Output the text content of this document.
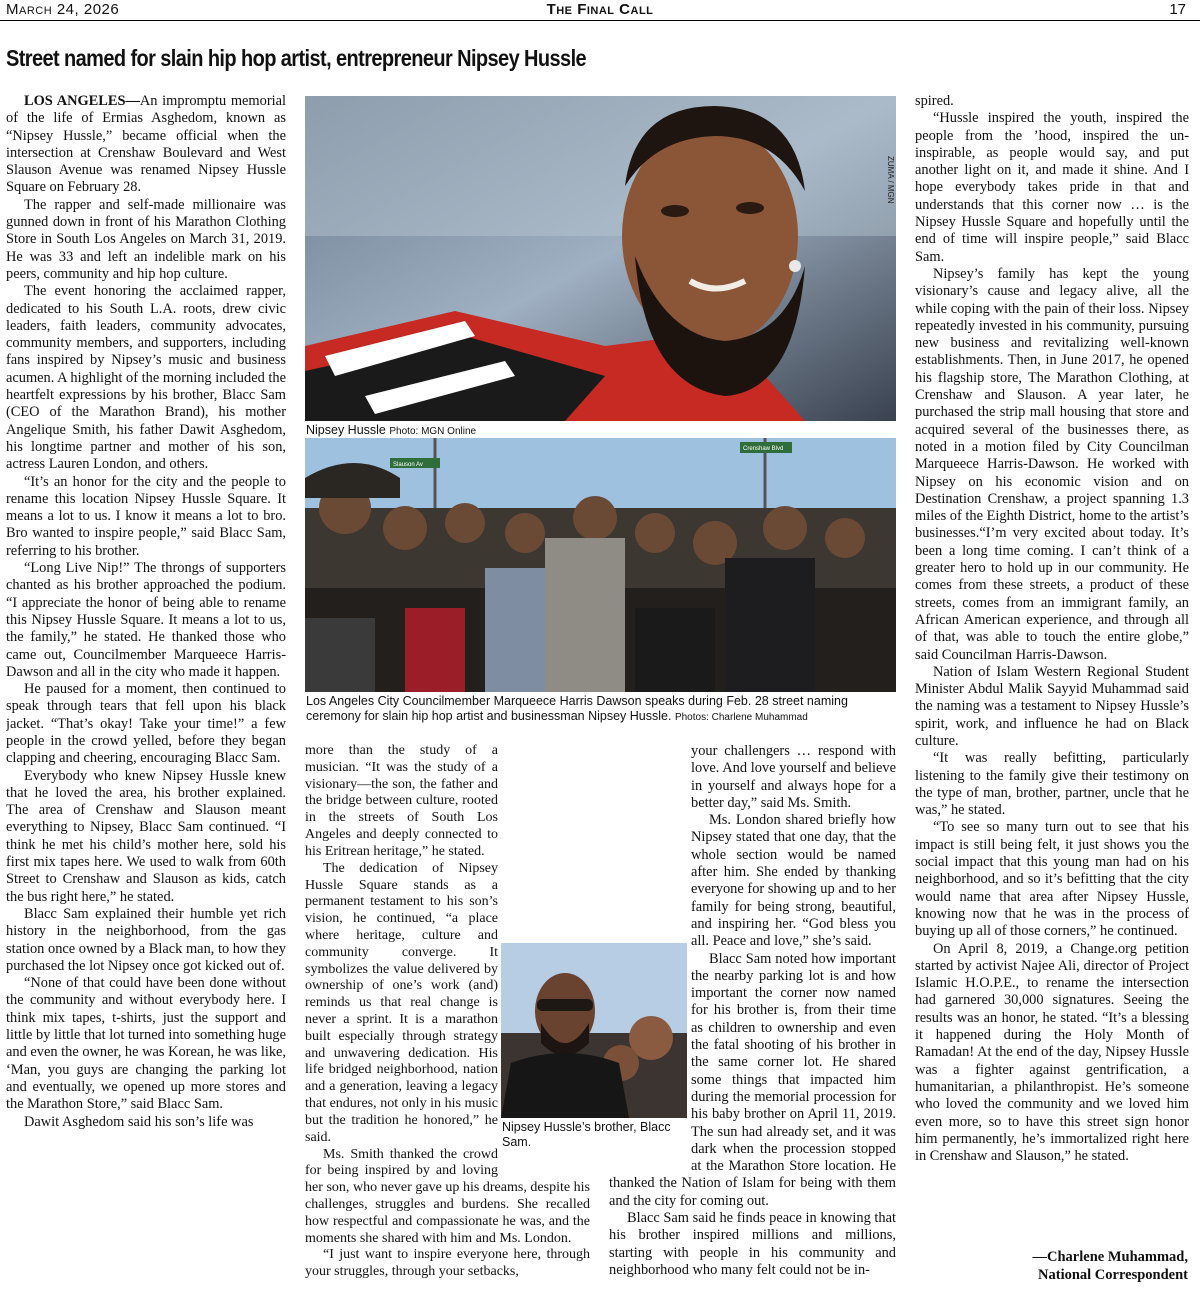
March 24, 2026	The Final Call	17
Street named for slain hip hop artist, entrepreneur Nipsey Hussle

LOS ANGELES—An impromptu memorial of the life of Ermias Asghedom, known as “Nipsey Hussle,” became official when the intersection at Crenshaw Boulevard and West Slauson Avenue was renamed Nipsey Hussle Square on February 28.

The rapper and self-made millionaire was gunned down in front of his Marathon Clothing Store in South Los Angeles on March 31, 2019. He was 33 and left an indelible mark on his peers, community and hip hop culture.

The event honoring the acclaimed rapper, dedicated to his South L.A. roots, drew civic leaders, faith leaders, community advocates, community members, and supporters, including fans inspired by Nipsey’s music and business acumen. A highlight of the morning included the heartfelt expressions by his brother, Blacc Sam (CEO of the Marathon Brand), his mother Angelique Smith, his father Dawit Asghedom, his longtime partner and mother of his son, actress Lauren London, and others.

“It’s an honor for the city and the people to rename this location Nipsey Hussle Square. It means a lot to us. I know it means a lot to bro. Bro wanted to inspire people,” said Blacc Sam, referring to his brother.

“Long Live Nip!” The throngs of supporters chanted as his brother approached the podium. “I appreciate the honor of being able to rename this Nipsey Hussle Square. It means a lot to us, the family,” he stated. He thanked those who came out, Councilmember Marqueece Harris-Dawson and all in the city who made it happen.

He paused for a moment, then continued to speak through tears that fell upon his black jacket. “That’s okay! Take your time!” a few people in the crowd yelled, before they began clapping and cheering, encouraging Blacc Sam.

Everybody who knew Nipsey Hussle knew that he loved the area, his brother explained. The area of Crenshaw and Slauson meant everything to Nipsey, Blacc Sam continued. “I think he met his child’s mother here, sold his first mix tapes here. We used to walk from 60th Street to Crenshaw and Slauson as kids, catch the bus right here,” he stated.

Blacc Sam explained their humble yet rich history in the neighborhood, from the gas station once owned by a Black man, to how they purchased the lot Nipsey once got kicked out of.

“None of that could have been done without the community and without everybody here. I think mix tapes, t-shirts, just the support and little by little that lot turned into something huge and even the owner, he was Korean, he was like, ‘Man, you guys are changing the parking lot and eventually, we opened up more stores and the Marathon Store,” said Blacc Sam.

Dawit Asghedom said his son’s life was

ZUMA / MGN
Nipsey Hussle Photo: MGN Online
Slauson Av
Crenshaw Blvd
Los Angeles City Councilmember Marqueece Harris Dawson speaks during Feb. 28 street naming ceremony for slain hip hop artist and businessman Nipsey Hussle. Photos: Charlene Muhammad

more than the study of a musician. “It was the study of a visionary—the son, the father and the bridge between culture, rooted in the streets of South Los Angeles and deeply connected to his Eritrean heritage,” he stated.

The dedication of Nipsey Hussle Square stands as a permanent testament to his son’s vision, he continued, “a place where heritage, culture and community converge. It symbolizes the value delivered by ownership of one’s work (and) reminds us that real change is never a sprint. It is a marathon built especially through strategy and unwavering dedication. His life bridged neighborhood, nation and a generation, leaving a legacy that endures, not only in his music but the tradition he honored,” he said.

Ms. Smith thanked the crowd for being inspired by and loving her son, who never gave up his dreams, despite his challenges, struggles and burdens. She recalled how respectful and compassionate he was, and the moments she shared with him and Ms. London.

“I just want to inspire everyone here, through your struggles, through your setbacks,

your challengers … respond with love. And love yourself and believe in yourself and always hope for a better day,” said Ms. Smith.

Ms. London shared briefly how Nipsey stated that one day, that the whole section would be named after him. She ended by thanking everyone for showing up and to her family for being strong, beautiful, and inspiring her. “God bless you all. Peace and love,” she’s said.

Blacc Sam noted how important the nearby parking lot is and how important the corner now named for his brother is, from their time as children to ownership and even the fatal shooting of his brother in the same corner lot. He shared some things that impacted him during the memorial procession for his baby brother on April 11, 2019. The sun had already set, and it was dark when the procession stopped at the Marathon Store location. He thanked the Nation of Islam for being with them and the city for coming out.

Blacc Sam said he finds peace in knowing that his brother inspired millions and millions, starting with people in his community and neighborhood who many felt could not be in-

Nipsey Hussle’s brother, Blacc Sam.

spired.

“Hussle inspired the youth, inspired the people from the ’hood, inspired the un-inspirable, as people would say, and put another light on it, and made it shine. And I hope everybody takes pride in that and understands that this corner now … is the Nipsey Hussle Square and hopefully until the end of time will inspire people,” said Blacc Sam.

Nipsey’s family has kept the young visionary’s cause and legacy alive, all the while coping with the pain of their loss. Nipsey repeatedly invested in his community, pursuing new business and revitalizing well-known establishments. Then, in June 2017, he opened his flagship store, The Marathon Clothing, at Crenshaw and Slauson. A year later, he purchased the strip mall housing that store and acquired several of the businesses there, as noted in a motion filed by City Councilman Marqueece Harris-Dawson. He worked with Nipsey on his economic vision and on Destination Crenshaw, a project spanning 1.3 miles of the Eighth District, home to the artist’s businesses.“I’m very excited about today. It’s been a long time coming. I can’t think of a greater hero to hold up in our community. He comes from these streets, a product of these streets, comes from an immigrant family, an African American experience, and through all of that, was able to touch the entire globe,” said Councilman Harris-Dawson.

Nation of Islam Western Regional Student Minister Abdul Malik Sayyid Muhammad said the naming was a testament to Nipsey Hussle’s spirit, work, and influence he had on Black culture.

“It was really befitting, particularly listening to the family give their testimony on the type of man, brother, partner, uncle that he was,” he stated.

“To see so many turn out to see that his impact is still being felt, it just shows you the social impact that this young man had on his neighborhood, and so it’s befitting that the city would name that area after Nipsey Hussle, knowing now that he was in the process of buying up all of those corners,” he continued.

On April 8, 2019, a Change.org petition started by activist Najee Ali, director of Project Islamic H.O.P.E., to rename the intersection had garnered 30,000 signatures. Seeing the results was an honor, he stated. “It’s a blessing it happened during the Holy Month of Ramadan! At the end of the day, Nipsey Hussle was a fighter against gentrification, a humanitarian, a philanthropist. He’s someone who loved the community and we loved him even more, so to have this street sign honor him permanently, he’s immortalized right here in Crenshaw and Slauson,” he stated.

—Charlene Muhammad,
National Correspondent
